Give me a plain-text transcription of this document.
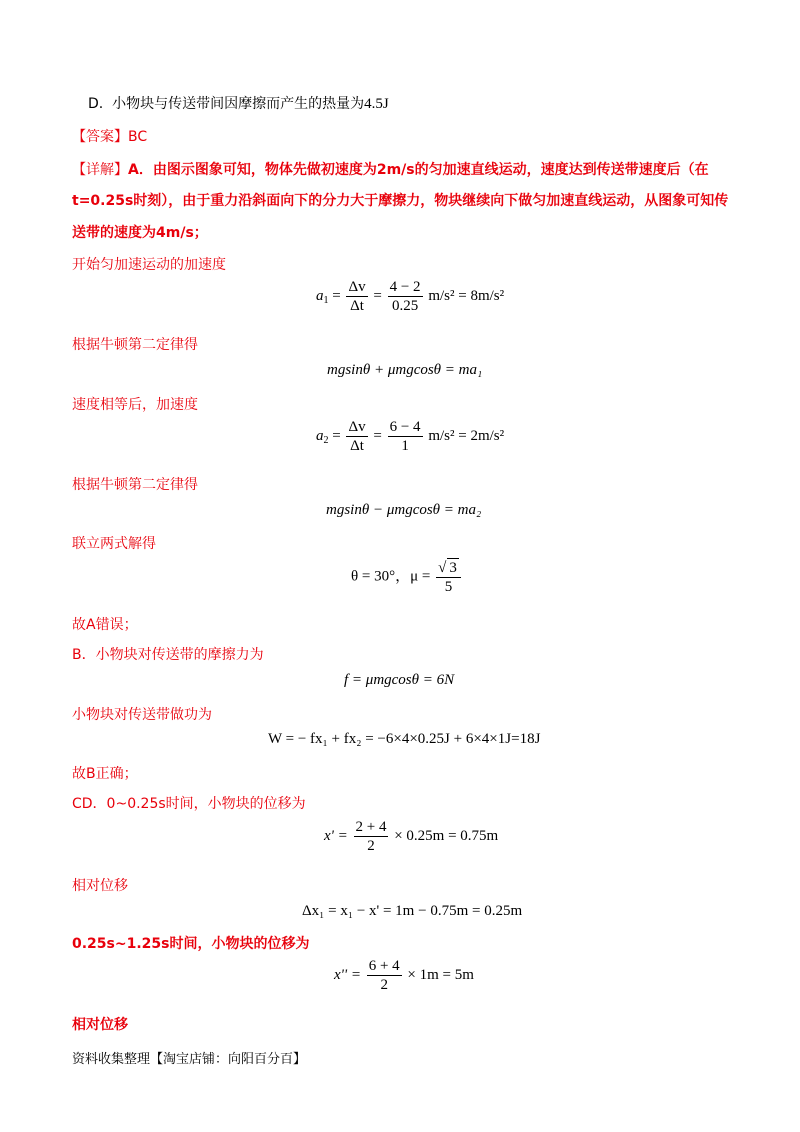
D. 小物块与传送带间因摩擦而产生的热量为4.5J
【答案】BC
【详解】A．由图示图象可知，物体先做初速度为2m/s的匀加速直线运动，速度达到传送带速度后（在
t=0.25s时刻），由于重力沿斜面向下的分力大于摩擦力，物块继续向下做匀加速直线运动，从图象可知传
送带的速度为4m/s；
开始匀加速运动的加速度
$a_1 = \frac{\Delta v}{\Delta t} = \frac{4 - 2}{0.25} m/s^2 = 8m/s^2$
根据牛顿第二定律得
mgsinθ + μmgcosθ = ma₁
速度相等后，加速度
$a_2 = \frac{\Delta v}{\Delta t} = \frac{6 - 4}{1} m/s^2 = 2m/s^2$
根据牛顿第二定律得
mgsinθ − μmgcosθ = ma₂
联立两式解得
θ = 30°，$\mu = \frac{√ 3}{5}$
故A错误；
B．小物块对传送带的摩擦力为
f = μmgcosθ = 6N
小物块对传送带做功为
W = − fx₁ + fx₂ = −6×4×0.25J + 6×4×1J=18J
故B正确；
CD．0~0.25s时间，小物块的位移为
$x' = \frac{2 + 4}{2} \times 0.25m = 0.75m$
相对位移
Δx₁ = x₁ − x' = 1m − 0.75m = 0.25m
0.25s~1.25s时间，小物块的位移为
$x'' = \frac{6 + 4}{2} \times 1m = 5m$
相对位移
资料收集整理【淘宝店铺：向阳百分百】
